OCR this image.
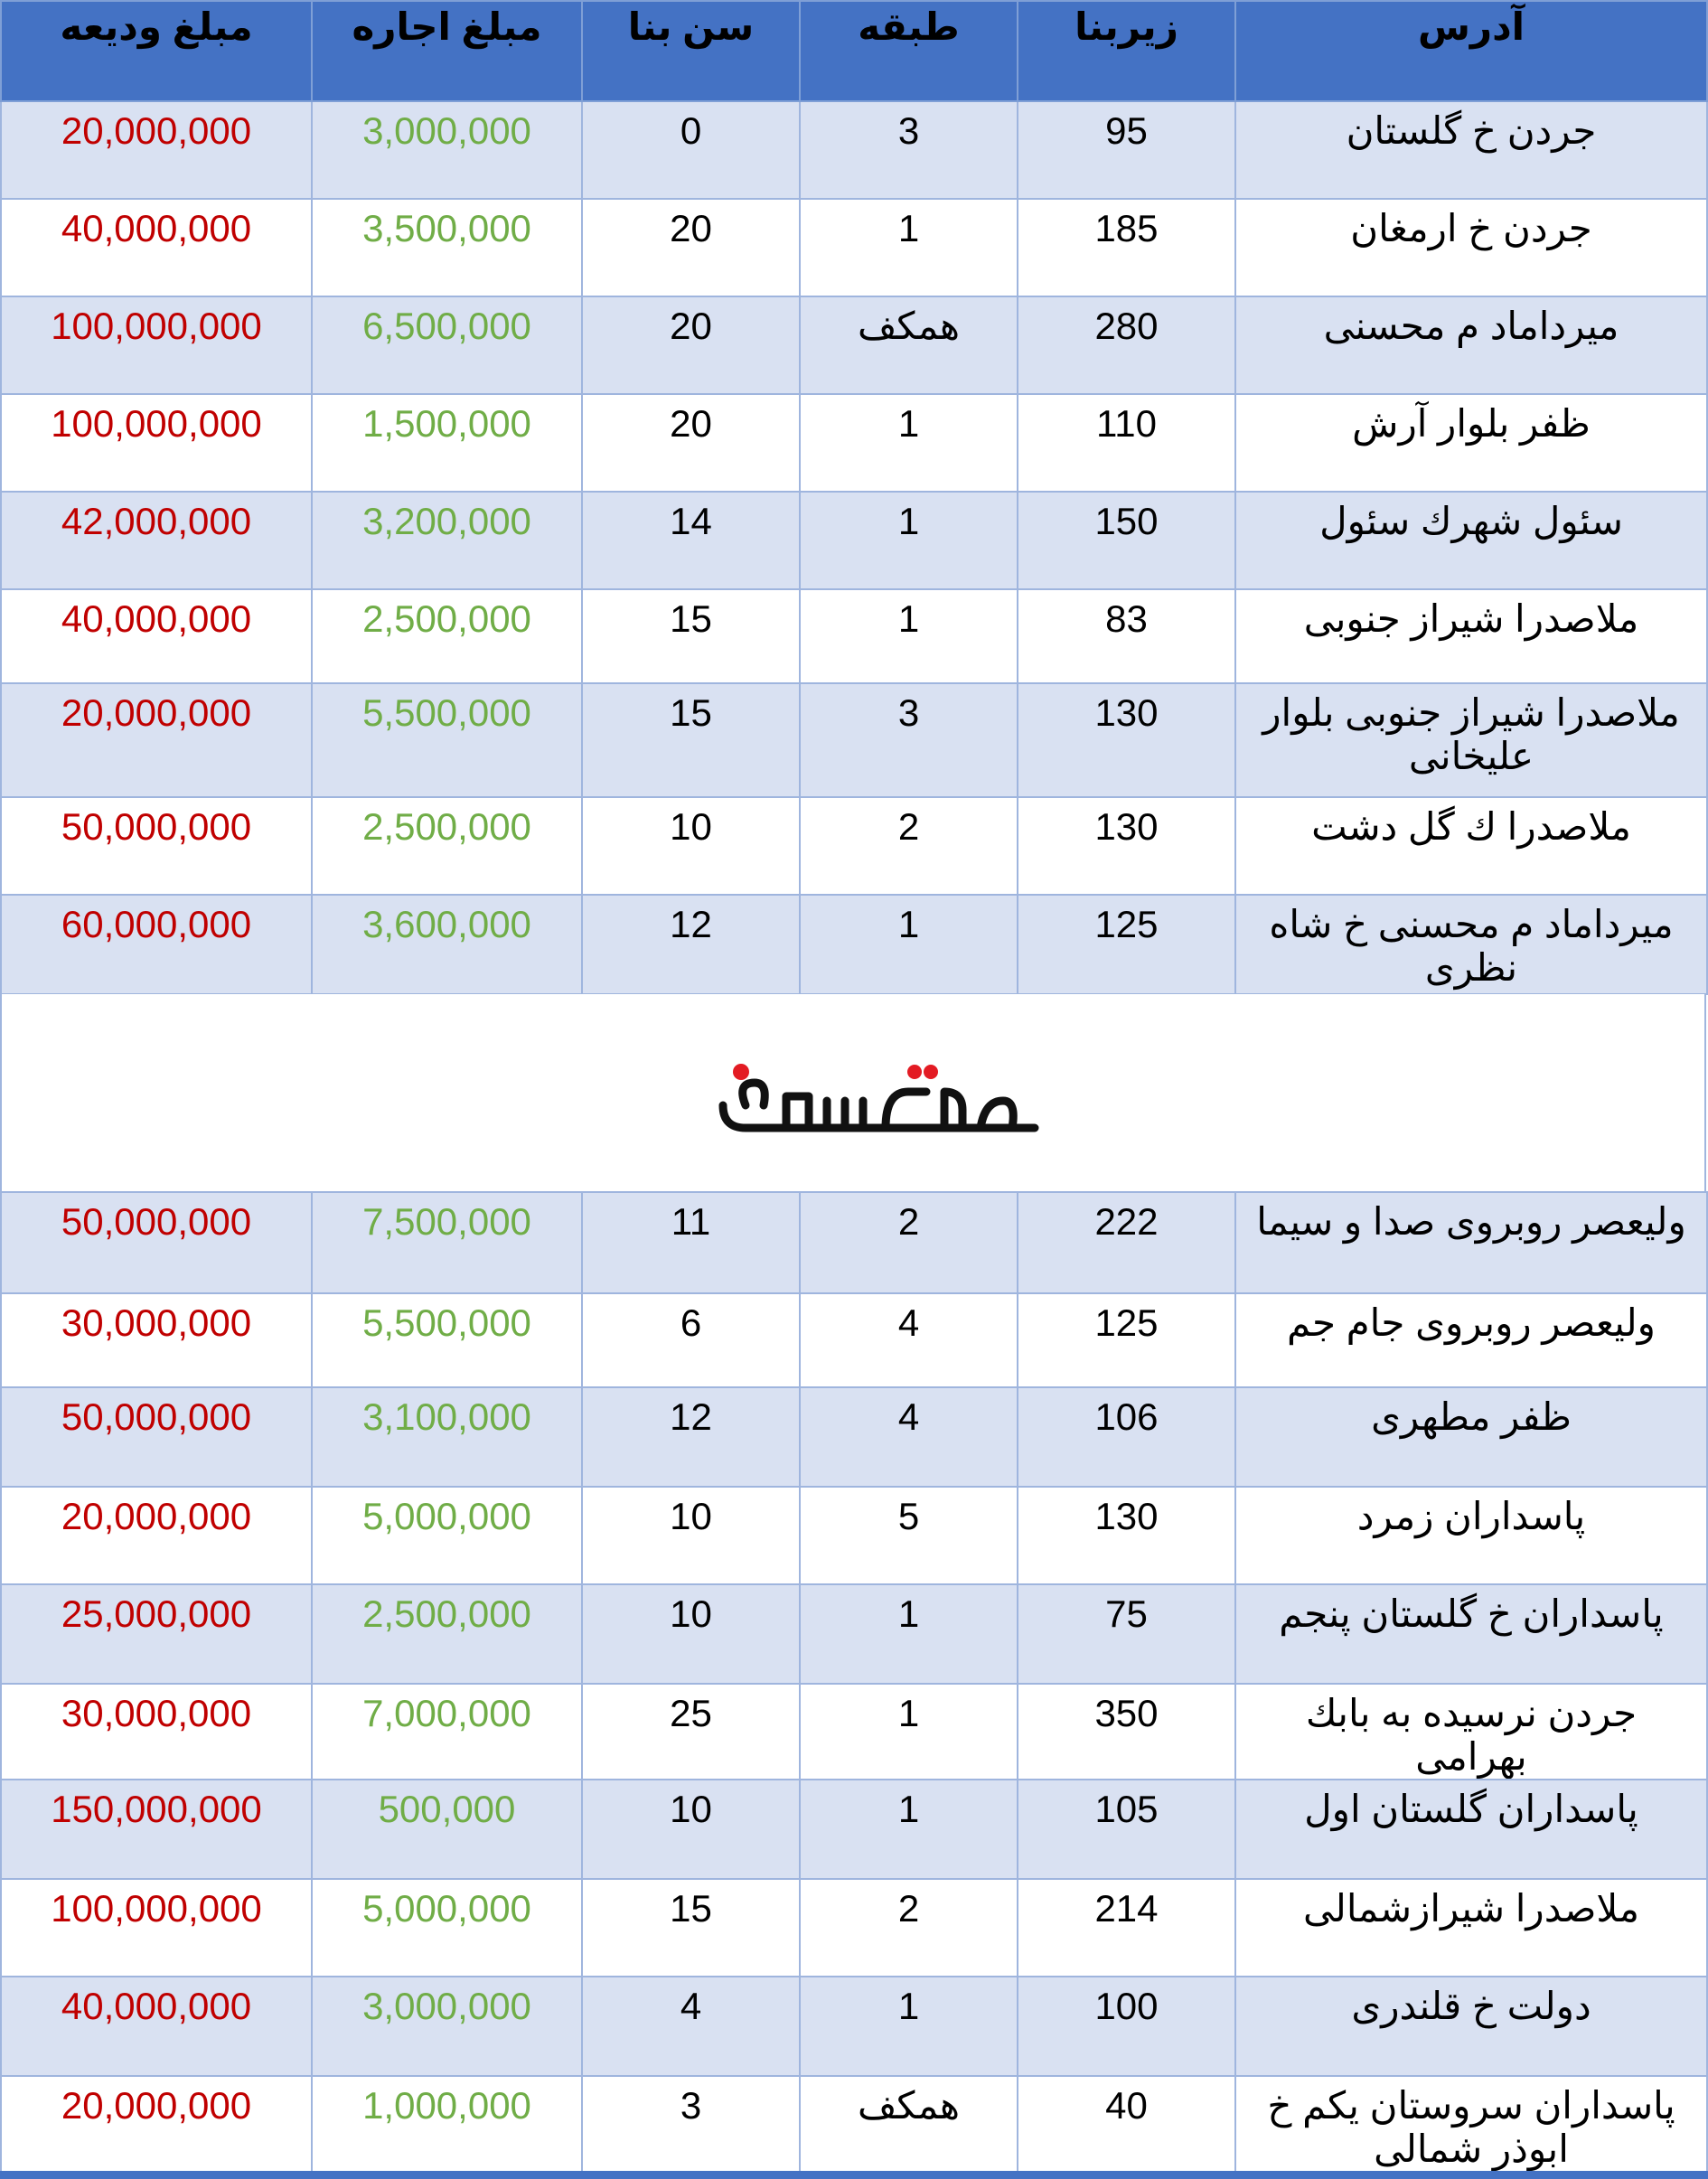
آدرس	زیربنا	طبقه	سن بنا	مبلغ اجاره	مبلغ ودیعه
جردن خ گلستان	95	3	0	3,000,000	20,000,000
جردن خ ارمغان	185	1	20	3,500,000	40,000,000
میرداماد م محسنی	280	همکف	20	6,500,000	100,000,000
ظفر بلوار آرش	110	1	20	1,500,000	100,000,000
سئول شهرك سئول	150	1	14	3,200,000	42,000,000
ملاصدرا شیراز جنوبی	83	1	15	2,500,000	40,000,000
ملاصدرا شیراز جنوبی بلوار علیخانی	130	3	15	5,500,000	20,000,000
ملاصدرا ك گل دشت	130	2	10	2,500,000	50,000,000
میرداماد م محسنی خ شاه نظری	125	1	12	3,600,000	60,000,000
ولیعصر روبروی صدا و سیما	222	2	11	7,500,000	50,000,000
ولیعصر روبروی جام جم	125	4	6	5,500,000	30,000,000
ظفر مطهری	106	4	12	3,100,000	50,000,000
پاسداران زمرد	130	5	10	5,000,000	20,000,000
پاسداران خ گلستان پنجم	75	1	10	2,500,000	25,000,000
جردن نرسیده به بابك بهرامی	350	1	25	7,000,000	30,000,000
پاسداران گلستان اول	105	1	10	500,000	150,000,000
ملاصدرا شیرازشمالی	214	2	15	5,000,000	100,000,000
دولت خ قلندری	100	1	4	3,000,000	40,000,000
پاسداران سروستان یكم خ ابوذر شمالی	40	همکف	3	1,000,000	20,000,000
